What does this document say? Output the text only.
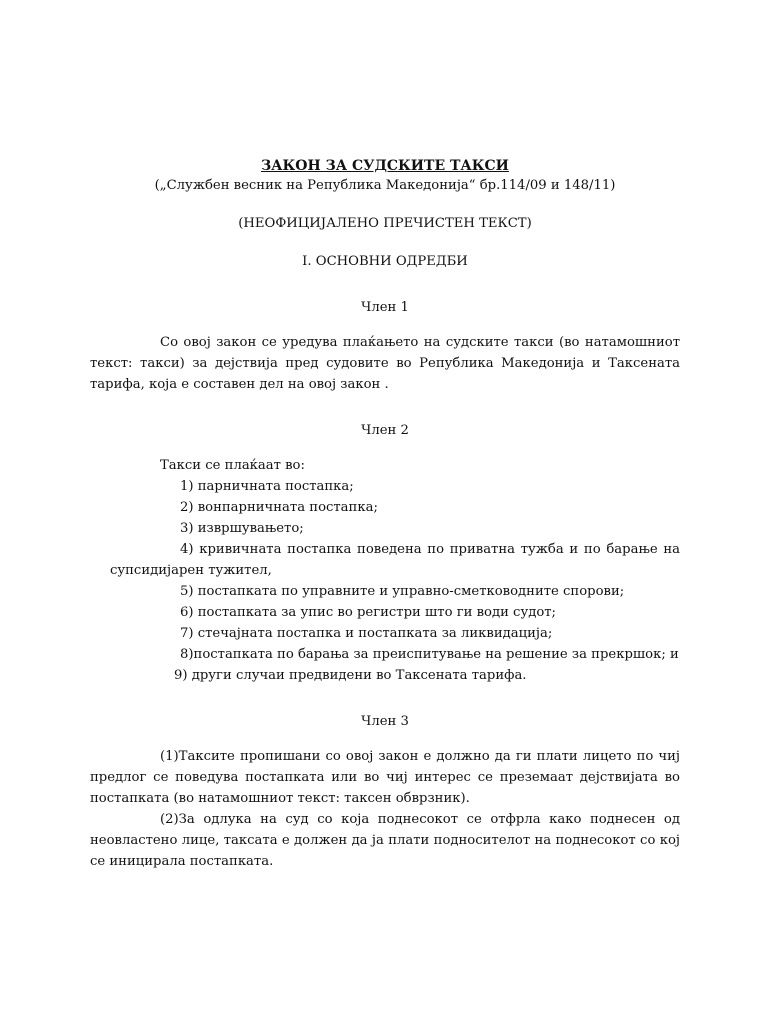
ЗАКОН ЗА СУДСКИТЕ ТАКСИ
(„Службен весник на Република Македонија“ бр.114/09 и 148/11)
(НЕОФИЦИЈАЛЕНО ПРЕЧИСТЕН ТЕКСТ)
I. ОСНОВНИ ОДРЕДБИ
Член 1
Со овој закон се уредува плаќањето на судските такси (во натамошниот текст: такси) за дејствија пред судовите во Република Македонија и Таксената тарифа, која е составен дел на овој закон .
Член 2
Такси се плаќаат во:
1) парничната постапка;
2) вонпарничната постапка;
3) извршувањето;
4) кривичната постапка поведена по приватна тужба и по барање на супсидијарен тужител,
5) постапката по управните и управно-сметководните спорови;
6) постапката за упис во регистри што ги води судот;
7) стечајната постапка и постапката за ликвидација;
8)постапката по барања за преиспитување на решение за прекршок; и
9) други случаи предвидени во Таксената тарифа.
Член 3
(1)Таксите пропишани со овој закон е должно да ги плати лицето по чиј предлог се поведува постапката или во чиј интерес се преземаат дејствијата во постапката (во натамошниот текст: таксен обврзник).
(2)За одлука на суд со која поднесокот се отфрла како поднесен од неовластено лице, таксата е должен да ја плати подносителот на поднесокот со кој се иницирала постапката.
